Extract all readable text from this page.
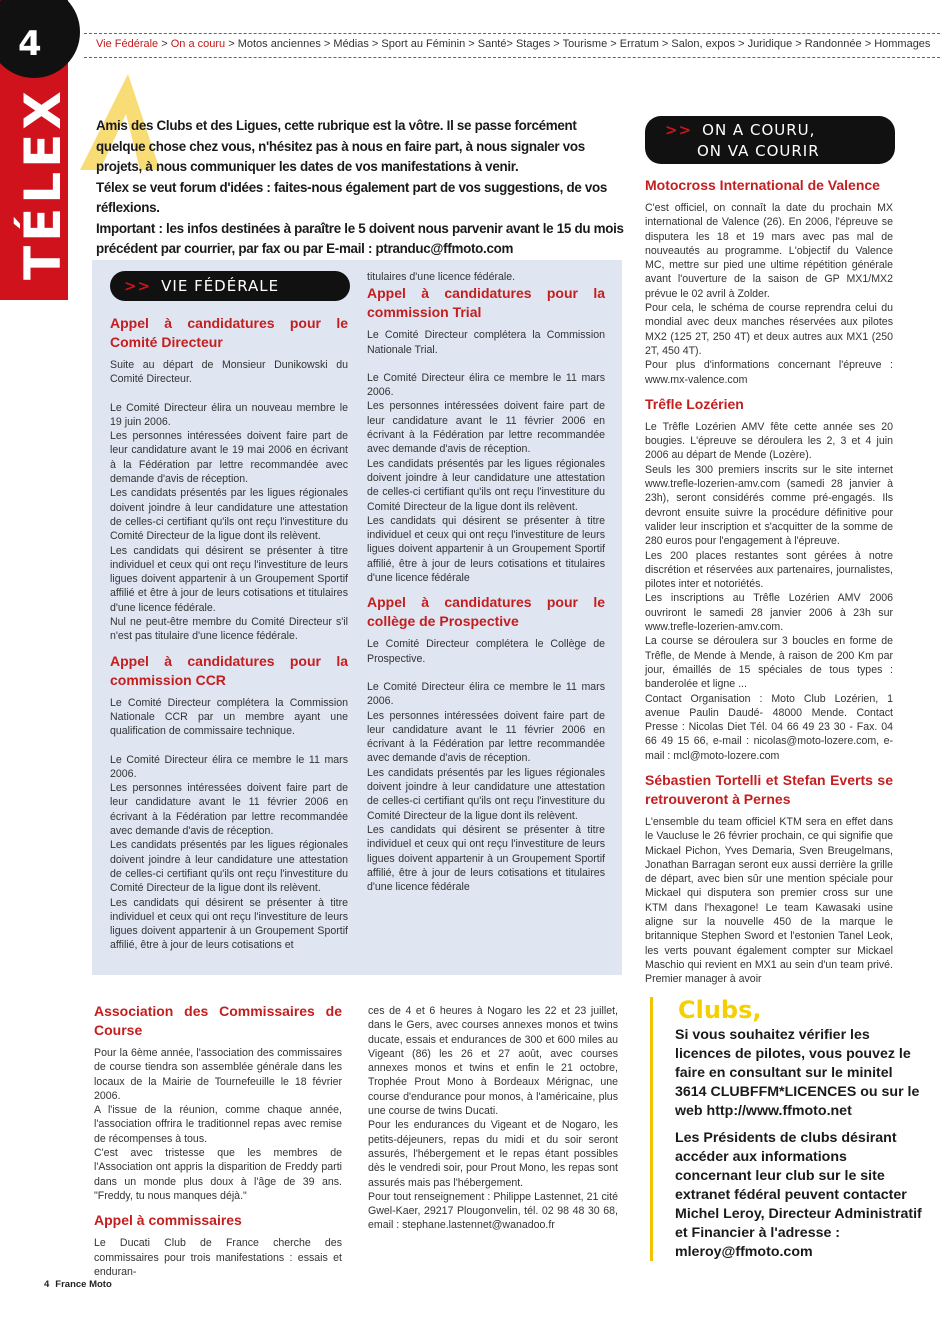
4
TÉLEX
Vie Fédérale > On a couru > Motos anciennes > Médias > Sport au Féminin > Santé> Stages > Tourisme > Erratum > Salon, expos > Juridique > Randonnée > Hommages

Amis des Clubs et des Ligues, cette rubrique est la vôtre. Il se passe forcément quelque chose chez vous, n'hésitez pas à nous en faire part, à nous signaler vos projets, à nous communiquer les dates de vos manifestations à venir.

Télex se veut forum d'idées : faites-nous également part de vos suggestions, de vos réflexions.

Important : les infos destinées à paraître le 5 doivent nous parvenir avant le 15 du mois précédent par courrier, par fax ou par E-mail : ptranduc@ffmoto.com

>> ON A COURU,
ON VA COURIR
>> VIE FÉDÉRALE
Appel à candidatures pour le Comité Directeur

Suite au départ de Monsieur Dunikowski du Comité Directeur.

Le Comité Directeur élira un nouveau membre le 19 juin 2006.

Les personnes intéressées doivent faire part de leur candidature avant le 19 mai 2006 en écrivant à la Fédération par lettre recommandée avec demande d'avis de réception.

Les candidats présentés par les ligues régionales doivent joindre à leur candidature une attestation de celles-ci certifiant qu'ils ont reçu l'investiture du Comité Directeur de la ligue dont ils relèvent.

Les candidats qui désirent se présenter à titre individuel et ceux qui ont reçu l'investiture de leurs ligues doivent appartenir à un Groupement Sportif affilié et être à jour de leurs cotisations et titulaires d'une licence fédérale.

Nul ne peut-être membre du Comité Directeur s'il n'est pas titulaire d'une licence fédérale.

Appel à candidatures pour la commission CCR

Le Comité Directeur complétera la Commission Nationale CCR par un membre ayant une qualification de commissaire technique.

Le Comité Directeur élira ce membre le 11 mars 2006.

Les personnes intéressées doivent faire part de leur candidature avant le 11 février 2006 en écrivant à la Fédération par lettre recommandée avec demande d'avis de réception.

Les candidats présentés par les ligues régionales doivent joindre à leur candidature une attestation de celles-ci certifiant qu'ils ont reçu l'investiture du Comité Directeur de la ligue dont ils relèvent.

Les candidats qui désirent se présenter à titre individuel et ceux qui ont reçu l'investiture de leurs ligues doivent appartenir à un Groupement Sportif affilié, être à jour de leurs cotisations et

titulaires d'une licence fédérale.

Appel à candidatures pour la commission Trial

Le Comité Directeur complétera la Commission Nationale Trial.

Le Comité Directeur élira ce membre le 11 mars 2006.

Les personnes intéressées doivent faire part de leur candidature avant le 11 février 2006 en écrivant à la Fédération par lettre recommandée avec demande d'avis de réception.

Les candidats présentés par les ligues régionales doivent joindre à leur candidature une attestation de celles-ci certifiant qu'ils ont reçu l'investiture du Comité Directeur de la ligue dont ils relèvent.

Les candidats qui désirent se présenter à titre individuel et ceux qui ont reçu l'investiture de leurs ligues doivent appartenir à un Groupement Sportif affilié, être à jour de leurs cotisations et titulaires d'une licence fédérale

Appel à candidatures pour le collège de Prospective

Le Comité Directeur complétera le Collège de Prospective.

Le Comité Directeur élira ce membre le 11 mars 2006.

Les personnes intéressées doivent faire part de leur candidature avant le 11 février 2006 en écrivant à la Fédération par lettre recommandée avec demande d'avis de réception.

Les candidats présentés par les ligues régionales doivent joindre à leur candidature une attestation de celles-ci certifiant qu'ils ont reçu l'investiture du Comité Directeur de la ligue dont ils relèvent.

Les candidats qui désirent se présenter à titre individuel et ceux qui ont reçu l'investiture de leurs ligues doivent appartenir à un Groupement Sportif affilié, être à jour de leurs cotisations et titulaires d'une licence fédérale

Motocross International de Valence

C'est officiel, on connaît la date du prochain MX international de Valence (26). En 2006, l'épreuve se disputera les 18 et 19 mars avec pas mal de nouveautés au programme. L'objectif du Valence MC, mettre sur pied une ultime répétition générale avant l'ouverture de la saison de GP MX1/MX2 prévue le 02 avril à Zolder.

Pour cela, le schéma de course reprendra celui du mondial avec deux manches réservées aux pilotes MX2 (125 2T, 250 4T) et deux autres aux MX1 (250 2T, 450 4T).

Pour plus d'informations concernant l'épreuve : www.mx-valence.com

Trêfle Lozérien

Le Trêfle Lozérien AMV fête cette année ses 20 bougies. L'épreuve se déroulera les 2, 3 et 4 juin 2006 au départ de Mende (Lozère).

Seuls les 300 premiers inscrits sur le site internet www.trefle-lozerien-amv.com (samedi 28 janvier à 23h), seront considérés comme pré-engagés. Ils devront ensuite suivre la procédure définitive pour valider leur inscription et s'acquitter de la somme de 280 euros pour l'engagement à l'épreuve.

Les 200 places restantes sont gérées à notre discrétion et réservées aux partenaires, journalistes, pilotes inter et notoriétés.

Les inscriptions au Trêfle Lozérien AMV 2006 ouvriront le samedi 28 janvier 2006 à 23h sur www.trefle-lozerien-amv.com.

La course se déroulera sur 3 boucles en forme de Trêfle, de Mende à Mende, à raison de 200 Km par jour, émaillés de 15 spéciales de tous types : banderolée et ligne ...

Contact Organisation : Moto Club Lozérien, 1 avenue Paulin Daudé- 48000 Mende. Contact Presse : Nicolas Diet Tél. 04 66 49 23 30 - Fax. 04 66 49 15 66, e-mail : nicolas@moto-lozere.com, e-mail : mcl@moto-lozere.com

Sébastien Tortelli et Stefan Everts se retrouveront à Pernes

L'ensemble du team officiel KTM sera en effet dans le Vaucluse le 26 février prochain, ce qui signifie que Mickael Pichon, Yves Demaria, Sven Breugelmans, Jonathan Barragan seront eux aussi derrière la grille de départ, avec bien sûr une mention spéciale pour Mickael qui disputera son premier cross sur une KTM dans l'hexagone! Le team Kawasaki usine aligne sur la nouvelle 450 de la marque le britannique Stephen Sword et l'estonien Tanel Leok, les verts pouvant également compter sur Mickael Maschio qui revient en MX1 au sein d'un team privé. Premier manager à avoir

Association des Commissaires de Course

Pour la 6ème année, l'association des commissaires de course tiendra son assemblée générale dans les locaux de la Mairie de Tournefeuille le 18 février 2006.

A l'issue de la réunion, comme chaque année, l'association offrira le traditionnel repas avec remise de récompenses à tous.

C'est avec tristesse que les membres de l'Association ont appris la disparition de Freddy parti dans un monde plus doux à l'âge de 39 ans. "Freddy, tu nous manques déjà."

Appel à commissaires

Le Ducati Club de France cherche des commissaires pour trois manifestations : essais et enduran-

ces de 4 et 6 heures à Nogaro les 22 et 23 juillet, dans le Gers, avec courses annexes monos et twins ducate, essais et endurances de 300 et 600 miles au Vigeant (86) les 26 et 27 août, avec courses annexes monos et twins et enfin le 21 octobre, Trophée Prout Mono à Bordeaux Mérignac, une course d'endurance pour monos, à l'américaine, plus une course de twins Ducati.

Pour les endurances du Vigeant et de Nogaro, les petits-déjeuners, repas du midi et du soir seront assurés, l'hébergement et le repas étant possibles dès le vendredi soir, pour Prout Mono, les repas sont assurés mais pas l'hébergement.

Pour tout renseignement : Philippe Lastennet, 21 cité Gwel-Kaer, 29217 Plougonvelin, tél. 02 98 48 30 68, email : stephane.lastennet@wanadoo.fr

Clubs,

Si vous souhaitez vérifier les licences de pilotes, vous pouvez le faire en consultant sur le minitel 3614 CLUBFFM*LICENCES ou sur le web http://www.ffmoto.net

Les Présidents de clubs désirant accéder aux informations concernant leur club sur le site extranet fédéral peuvent contacter Michel Leroy, Directeur Administratif et Financier à l'adresse : mleroy@ffmoto.com

4 France Moto
